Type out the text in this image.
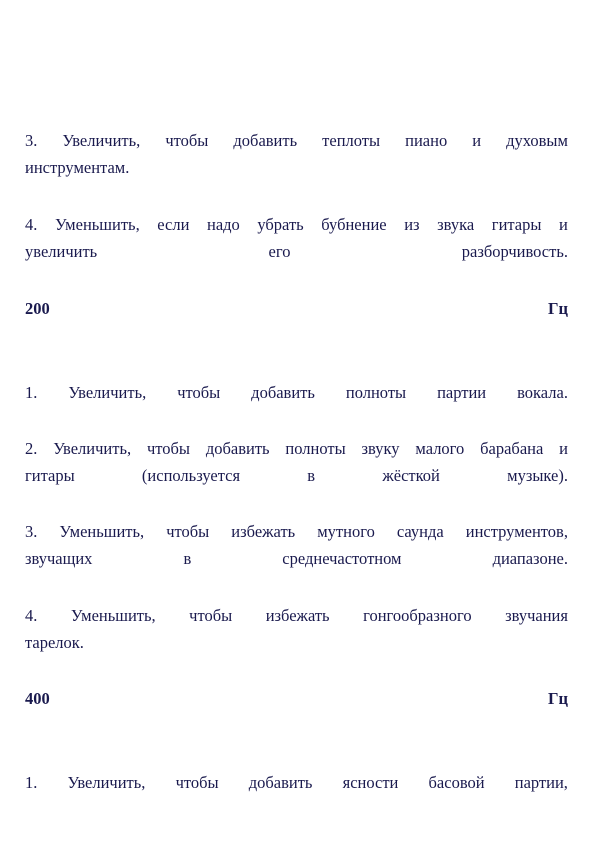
3. Увеличить, чтобы добавить теплоты пиано и духовым
инструментам.
4. Уменьшить, если надо убрать бубнение из звука гитары и
увеличить	его	разборчивость.
200	Гц
1. Увеличить, чтобы добавить полноты партии вокала.
2. Увеличить, чтобы добавить полноты звуку малого барабана и
гитары	(используется	в	жёсткой	музыке).
3. Уменьшить, чтобы избежать мутного саунда инструментов,
звучащих	в	среднечастотном	диапазоне.
4. Уменьшить, чтобы избежать гонгообразного звучания
тарелок.
400	Гц
1. Увеличить, чтобы добавить ясности басовой партии,
